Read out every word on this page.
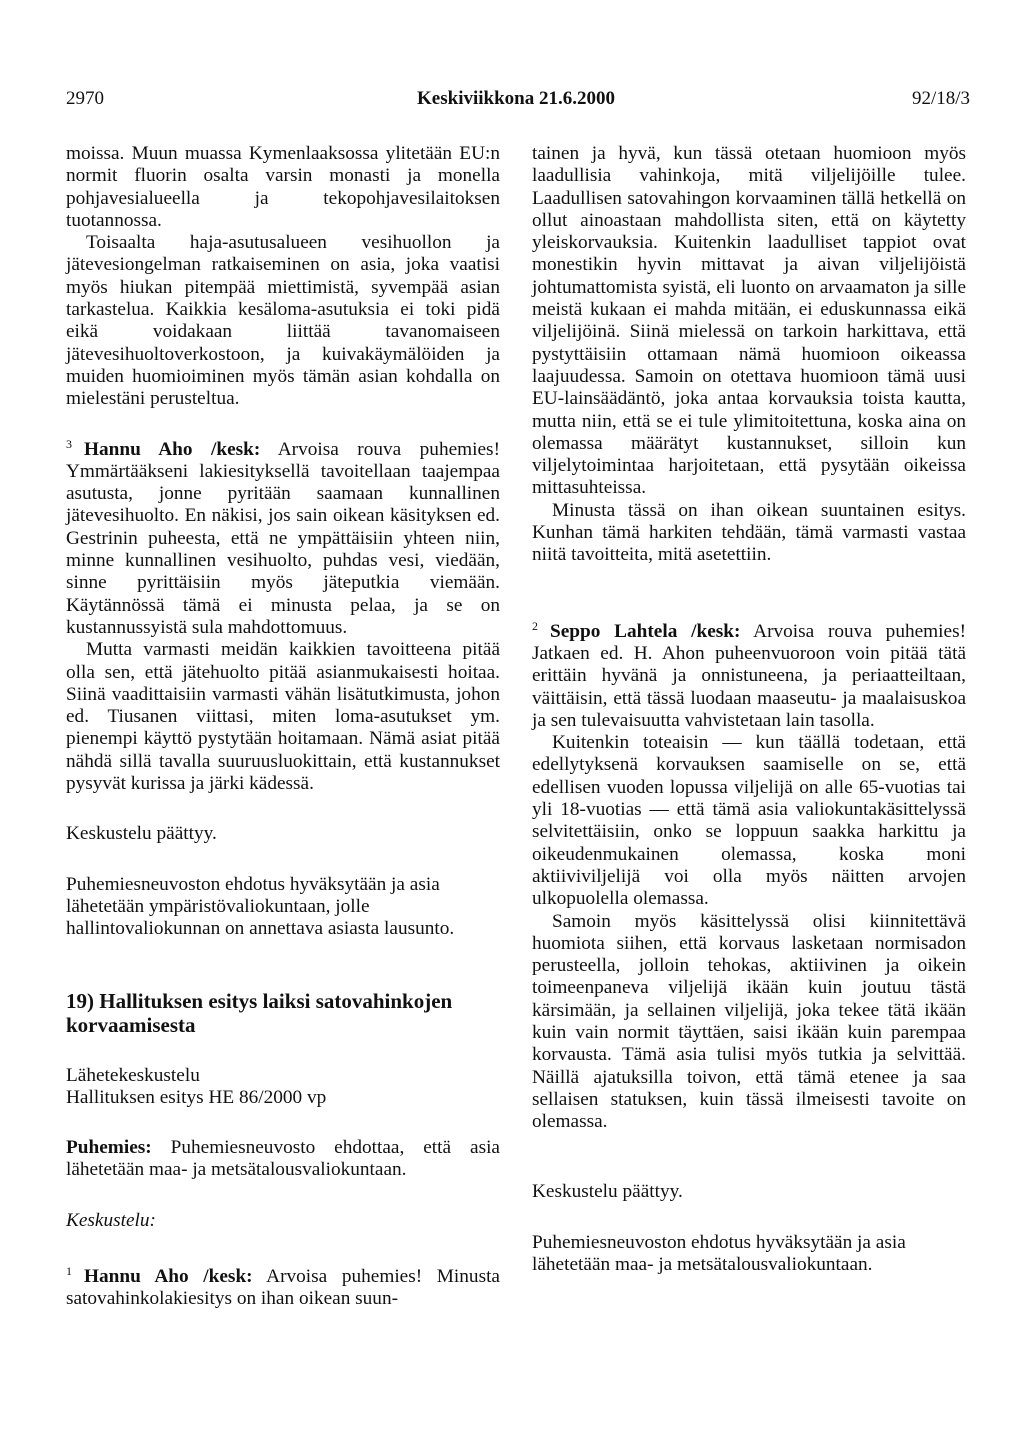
2970	Keskiviikkona 21.6.2000	92/18/3

moissa. Muun muassa Kymenlaaksossa ylitetään EU:n normit fluorin osalta varsin monasti ja monella pohjavesialueella ja tekopohjavesilaitoksen tuotannossa.

Toisaalta haja-asutusalueen vesihuollon ja jätevesiongelman ratkaiseminen on asia, joka vaatisi myös hiukan pitempää miettimistä, syvempää asian tarkastelua. Kaikkia kesäloma-asutuksia ei toki pidä eikä voidakaan liittää tavanomaiseen jätevesihuoltoverkostoon, ja kuivakäymälöiden ja muiden huomioiminen myös tämän asian kohdalla on mielestäni perusteltua.

$^3$ Hannu Aho /kesk: Arvoisa rouva puhemies! Ymmärtääkseni lakiesityksellä tavoitellaan taajempaa asutusta, jonne pyritään saamaan kunnallinen jätevesihuolto. En näkisi, jos sain oikean käsityksen ed. Gestrinin puheesta, että ne ympättäisiin yhteen niin, minne kunnallinen vesihuolto, puhdas vesi, viedään, sinne pyrittäisiin myös jäteputkia viemään. Käytännössä tämä ei minusta pelaa, ja se on kustannussyistä sula mahdottomuus.

Mutta varmasti meidän kaikkien tavoitteena pitää olla sen, että jätehuolto pitää asianmukaisesti hoitaa. Siinä vaadittaisiin varmasti vähän lisätutkimusta, johon ed. Tiusanen viittasi, miten loma-asutukset ym. pienempi käyttö pystytään hoitamaan. Nämä asiat pitää nähdä sillä tavalla suuruusluokittain, että kustannukset pysyvät kurissa ja järki kädessä.

Keskustelu päättyy.

Puhemiesneuvoston ehdotus hyväksytään ja asia lähetetään ympäristövaliokuntaan, jolle hallintovaliokunnan on annettava asiasta lausunto.

19) Hallituksen esitys laiksi satovahinkojen korvaamisesta

Lähetekeskustelu

Hallituksen esitys HE 86/2000 vp

Puhemies: Puhemiesneuvosto ehdottaa, että asia lähetetään maa- ja metsätalousvaliokuntaan.

Keskustelu:

$^1$ Hannu Aho /kesk: Arvoisa puhemies! Minusta satovahinkolakiesitys on ihan oikean suun-

tainen ja hyvä, kun tässä otetaan huomioon myös laadullisia vahinkoja, mitä viljelijöille tulee. Laadullisen satovahingon korvaaminen tällä hetkellä on ollut ainoastaan mahdollista siten, että on käytetty yleiskorvauksia. Kuitenkin laadulliset tappiot ovat monestikin hyvin mittavat ja aivan viljelijöistä johtumattomista syistä, eli luonto on arvaamaton ja sille meistä kukaan ei mahda mitään, ei eduskunnassa eikä viljelijöinä. Siinä mielessä on tarkoin harkittava, että pystyttäisiin ottamaan nämä huomioon oikeassa laajuudessa. Samoin on otettava huomioon tämä uusi EU-lainsäädäntö, joka antaa korvauksia toista kautta, mutta niin, että se ei tule ylimitoitettuna, koska aina on olemassa määrätyt kustannukset, silloin kun viljelytoimintaa harjoitetaan, että pysytään oikeissa mittasuhteissa.

Minusta tässä on ihan oikean suuntainen esitys. Kunhan tämä harkiten tehdään, tämä varmasti vastaa niitä tavoitteita, mitä asetettiin.

$^2$ Seppo Lahtela /kesk: Arvoisa rouva puhemies! Jatkaen ed. H. Ahon puheenvuoroon voin pitää tätä erittäin hyvänä ja onnistuneena, ja periaatteiltaan, väittäisin, että tässä luodaan maaseutu- ja maalaisuskoa ja sen tulevaisuutta vahvistetaan lain tasolla.

Kuitenkin toteaisin — kun täällä todetaan, että edellytyksenä korvauksen saamiselle on se, että edellisen vuoden lopussa viljelijä on alle 65-vuotias tai yli 18-vuotias — että tämä asia valiokuntakäsittelyssä selvitettäisiin, onko se loppuun saakka harkittu ja oikeudenmukainen olemassa, koska moni aktiiviviljelijä voi olla myös näitten arvojen ulkopuolella olemassa.

Samoin myös käsittelyssä olisi kiinnitettävä huomiota siihen, että korvaus lasketaan normisadon perusteella, jolloin tehokas, aktiivinen ja oikein toimeenpaneva viljelijä ikään kuin joutuu tästä kärsimään, ja sellainen viljelijä, joka tekee tätä ikään kuin vain normit täyttäen, saisi ikään kuin parempaa korvausta. Tämä asia tulisi myös tutkia ja selvittää. Näillä ajatuksilla toivon, että tämä etenee ja saa sellaisen statuksen, kuin tässä ilmeisesti tavoite on olemassa.

Keskustelu päättyy.

Puhemiesneuvoston ehdotus hyväksytään ja asia lähetetään maa- ja metsätalousvaliokuntaan.
